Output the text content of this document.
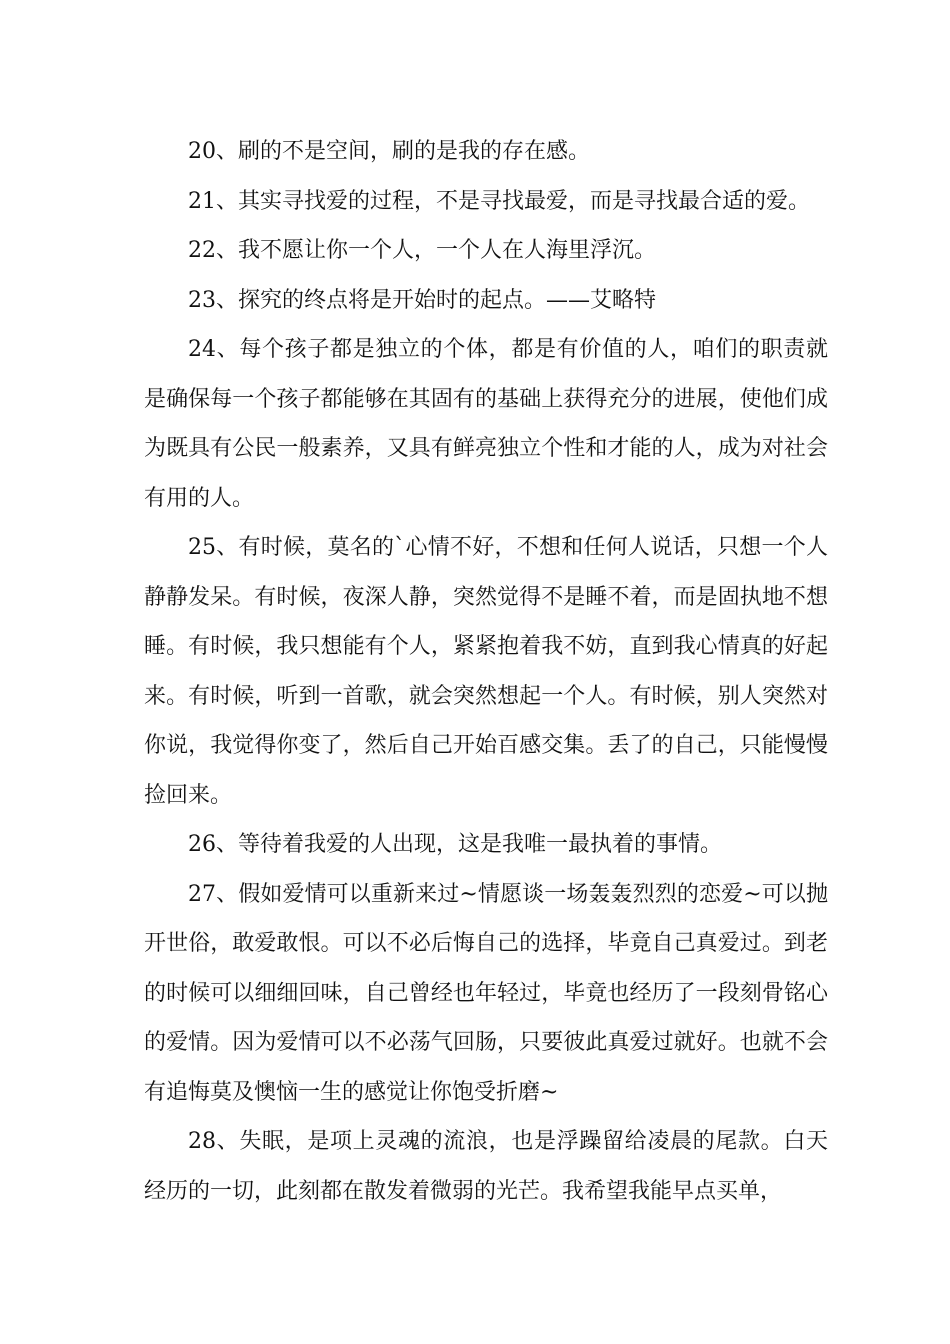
20、刷的不是空间，刷的是我的存在感。

21、其实寻找爱的过程，不是寻找最爱，而是寻找最合适的爱。

22、我不愿让你一个人，一个人在人海里浮沉。

23、探究的终点将是开始时的起点。——艾略特

24、每个孩子都是独立的个体，都是有价值的人，咱们的职责就是确保每一个孩子都能够在其固有的基础上获得充分的进展，使他们成为既具有公民一般素养，又具有鲜亮独立个性和才能的人，成为对社会有用的人。

25、有时候，莫名的`心情不好，不想和任何人说话，只想一个人静静发呆。有时候，夜深人静，突然觉得不是睡不着，而是固执地不想睡。有时候，我只想能有个人，紧紧抱着我不妨，直到我心情真的好起来。有时候，听到一首歌，就会突然想起一个人。有时候，别人突然对你说，我觉得你变了，然后自己开始百感交集。丢了的自己，只能慢慢捡回来。

26、等待着我爱的人出现，这是我唯一最执着的事情。

27、假如爱情可以重新来过~情愿谈一场轰轰烈烈的恋爱~可以抛开世俗，敢爱敢恨。可以不必后悔自己的选择，毕竟自己真爱过。到老的时候可以细细回味，自己曾经也年轻过，毕竟也经历了一段刻骨铭心的爱情。因为爱情可以不必荡气回肠，只要彼此真爱过就好。也就不会有追悔莫及懊恼一生的感觉让你饱受折磨~

28、失眠，是项上灵魂的流浪，也是浮躁留给凌晨的尾款。白天经历的一切，此刻都在散发着微弱的光芒。我希望我能早点买单，
